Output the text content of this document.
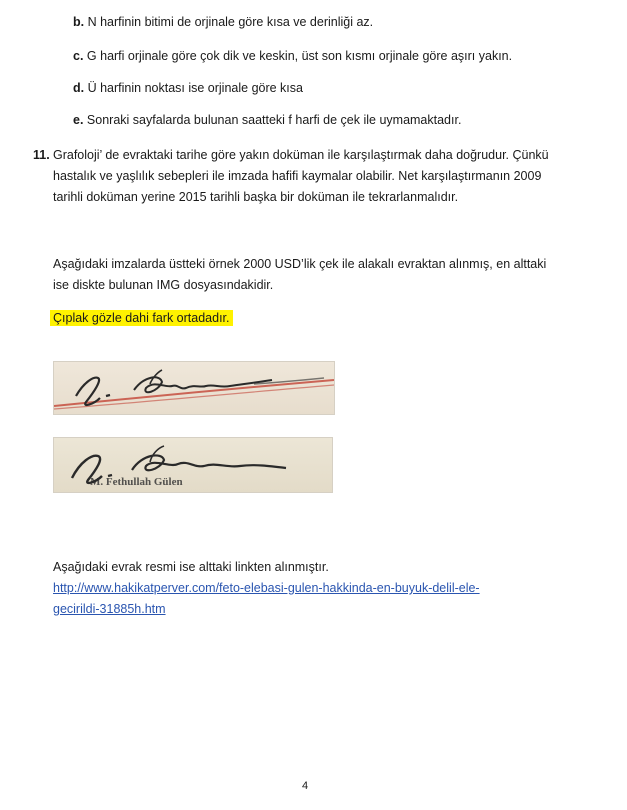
b. N harfinin bitimi de orjinale göre kısa ve derinliği az.
c. G harfi orjinale göre çok dik ve keskin, üst son kısmı orjinale göre aşırı yakın.
d. Ü harfinin noktası ise orjinale göre kısa
e. Sonraki sayfalarda bulunan saatteki f harfi de çek ile uymamaktadır.
11. Grafoloji’ de evraktaki tarihe göre yakın doküman ile karşılaştırmak daha doğrudur. Çünkü
hastalık ve yaşlılık sebepleri ile imzada hafifi kaymalar olabilir. Net karşılaştırmanın 2009
tarihli doküman yerine 2015 tarihli başka bir doküman ile tekrarlanmalıdır.
Aşağıdaki imzalarda üstteki örnek 2000 USD’lik çek ile alakalı evraktan alınmış, en alttaki
ise diskte bulunan IMG dosyasındakidir.
Çıplak gözle dahi fark ortadadır.
M. Fethullah Gülen
Aşağıdaki evrak resmi ise alttaki linkten alınmıştır.
http://www.hakikatperver.com/feto-elebasi-gulen-hakkinda-en-buyuk-delil-ele-
gecirildi-31885h.htm
4
